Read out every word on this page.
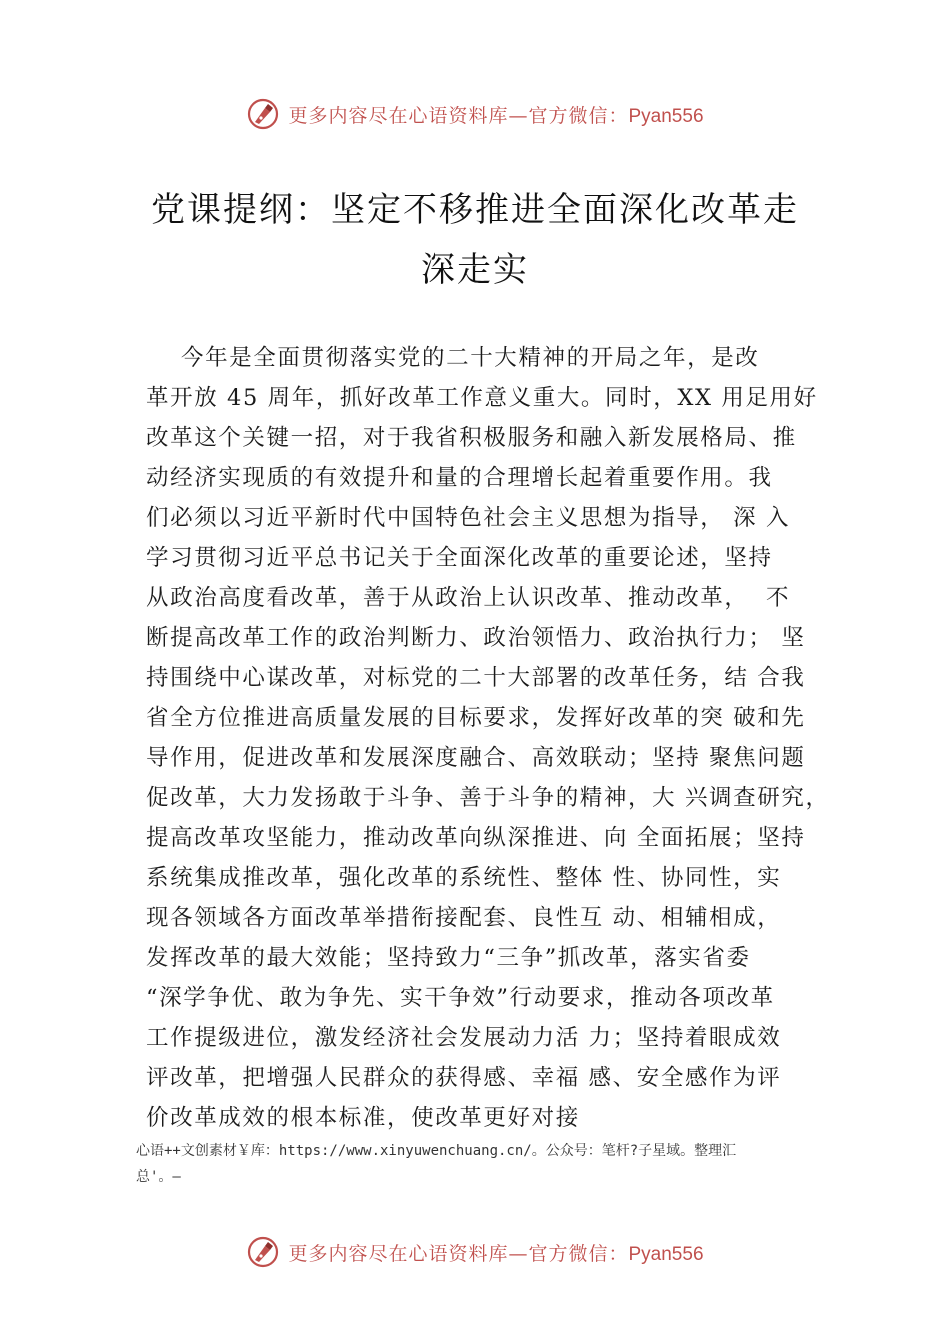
更多内容尽在心语资料库—官方微信：Pyan556
党课提纲：坚定不移推进全面深化改革走
深走实
今年是全面贯彻落实党的二十大精神的开局之年，是改
革开放 45 周年，抓好改革工作意义重大。同时，XX 用足用好
改革这个关键一招，对于我省积极服务和融入新发展格局、推
动经济实现质的有效提升和量的合理增长起着重要作用。我
们必须以习近平新时代中国特色社会主义思想为指导， 深 入
学习贯彻习近平总书记关于全面深化改革的重要论述，坚持
从政治高度看改革，善于从政治上认识改革、推动改革，  不
断提高改革工作的政治判断力、政治领悟力、政治执行力； 坚
持围绕中心谋改革，对标党的二十大部署的改革任务，结 合我
省全方位推进高质量发展的目标要求，发挥好改革的突 破和先
导作用，促进改革和发展深度融合、高效联动；坚持 聚焦问题
促改革，大力发扬敢于斗争、善于斗争的精神，大 兴调查研究，
提高改革攻坚能力，推动改革向纵深推进、向 全面拓展；坚持
系统集成推改革，强化改革的系统性、整体 性、协同性，实
现各领域各方面改革举措衔接配套、良性互 动、相辅相成，
发挥改革的最大效能；坚持致力“三争”抓改革，落实省委
“深学争优、敢为争先、实干争效”行动要求，推动各项改革
工作提级进位，激发经济社会发展动力活 力；坚持着眼成效
评改革，把增强人民群众的获得感、幸福 感、安全感作为评
价改革成效的根本标准，使改革更好对接
心语++文创素材￥库：https://www.xinyuwenchuang.cn/。公众号：笔杆?子星域。整理汇
总'。—
更多内容尽在心语资料库—官方微信：Pyan556
